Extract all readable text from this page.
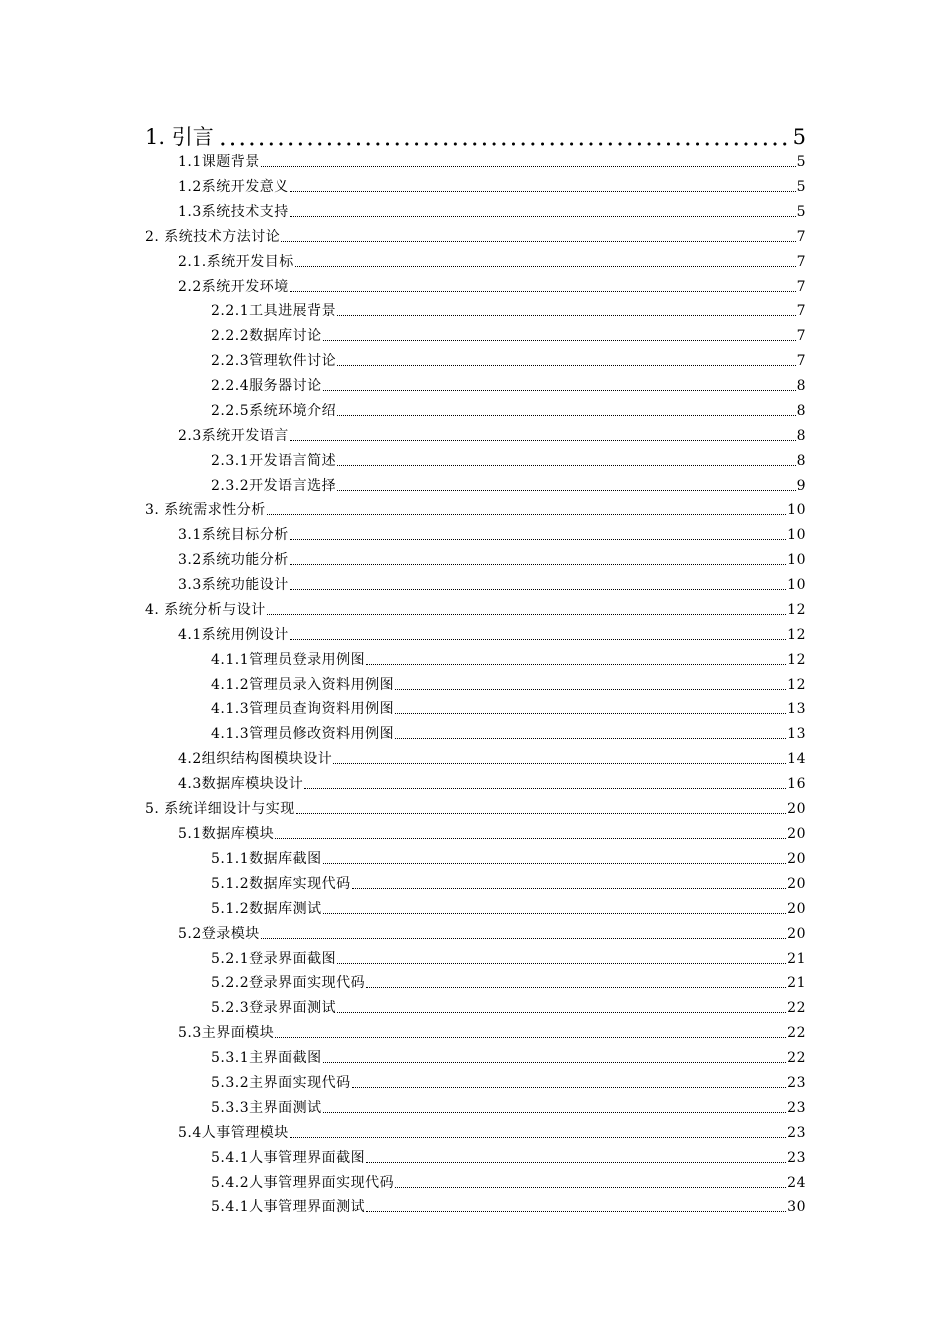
1. 引言	5
1.1课题背景	5
1.2系统开发意义	5
1.3系统技术支持	5
2. 系统技术方法讨论	7
2.1.系统开发目标	7
2.2系统开发环境	7
2.2.1工具进展背景	7
2.2.2数据库讨论	7
2.2.3管理软件讨论	7
2.2.4服务器讨论	8
2.2.5系统环境介绍	8
2.3系统开发语言	8
2.3.1开发语言简述	8
2.3.2开发语言选择	9
3. 系统需求性分析	10
3.1系统目标分析	10
3.2系统功能分析	10
3.3系统功能设计	10
4. 系统分析与设计	12
4.1系统用例设计	12
4.1.1管理员登录用例图	12
4.1.2管理员录入资料用例图	12
4.1.3管理员查询资料用例图	13
4.1.3管理员修改资料用例图	13
4.2组织结构图模块设计	14
4.3数据库模块设计	16
5. 系统详细设计与实现	20
5.1数据库模块	20
5.1.1数据库截图	20
5.1.2数据库实现代码	20
5.1.2数据库测试	20
5.2登录模块	20
5.2.1登录界面截图	21
5.2.2登录界面实现代码	21
5.2.3登录界面测试	22
5.3主界面模块	22
5.3.1主界面截图	22
5.3.2主界面实现代码	23
5.3.3主界面测试	23
5.4人事管理模块	23
5.4.1人事管理界面截图	23
5.4.2人事管理界面实现代码	24
5.4.1人事管理界面测试	30
